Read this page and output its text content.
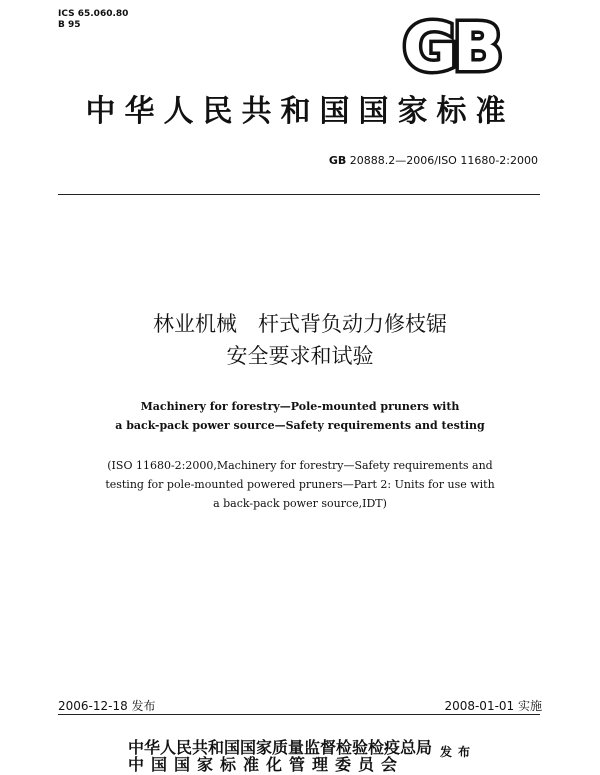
ICS 65.060.80
B 95	GB
中华人民共和国国家标准
GB 20888.2—2006/ISO 11680-2:2000
林业机械　杆式背负动力修枝锯
安全要求和试验
Machinery for forestry—Pole-mounted pruners with
a back-pack power source—Safety requirements and testing
(ISO 11680-2:2000,Machinery for forestry—Safety requirements and
testing for pole-mounted powered pruners—Part 2: Units for use with
a back-pack power source,IDT)
2006-12-18 发布	2008-01-01 实施
中华人民共和国国家质量监督检验检疫总局
中国国家标准化管理委员会
发布
